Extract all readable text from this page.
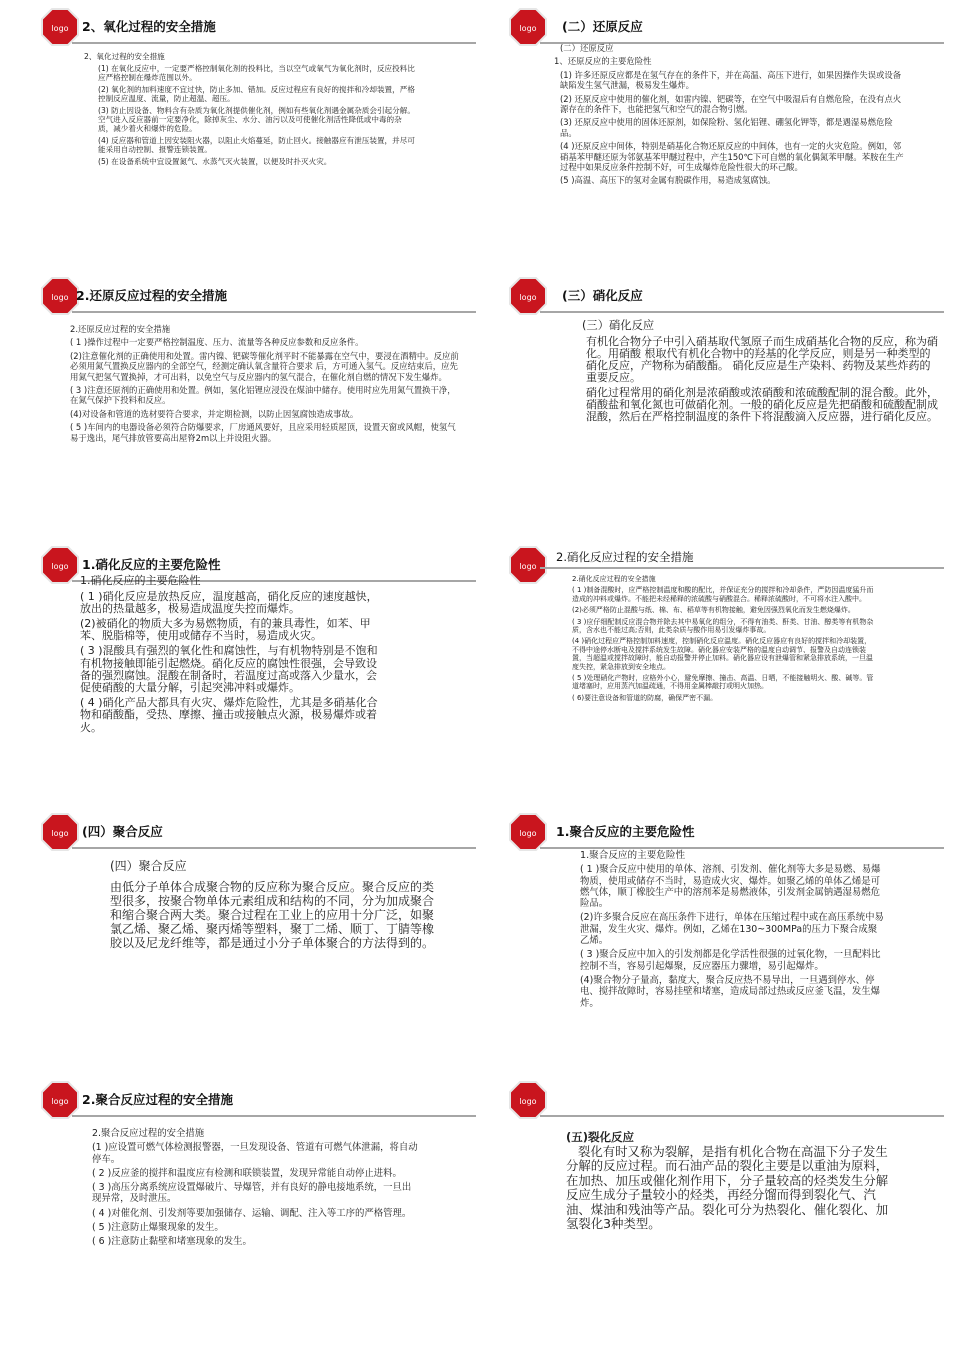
logo 2、氧化过程的安全措施

2、氧化过程的安全措施

(1) 在氧化反应中，一定要严格控制氧化剂的投料比，当以空气或氧气为氧化剂时，反应投料比应严格控制在爆炸范围以外。

(2) 氧化剂的加料速度不宜过快，防止多加、错加。反应过程应有良好的搅拌和冷却装置，严格控制反应温度、流量，防止超温、超压。

(3) 防止因设备、物料含有杂质为氧化剂提供催化剂，例如有些氧化剂遇金属杂质会引起分解。空气进入反应器前一定要净化，除掉灰尘、水分、油污以及可使催化剂活性降低或中毒的杂质，减少着火和爆炸的危险。

(4) 反应器和管道上因安装阻火器，以阻止火焰蔓延，防止回火。接触器应有泄压装置，并尽可能采用自动控制、报警连锁装置。

(5) 在设备系统中宜设置氮气、水蒸气灭火装置，以便及时扑灭火灾。

logo (二）还原反应

(二）还原反应

1、还原反应的主要危险性

(1) 许多还原反应都是在氢气存在的条件下，并在高温、高压下进行，如果因操作失误或设备缺陷发生氢气泄漏，极易发生爆炸。

(2) 还原反应中使用的催化剂，如雷内镍、钯碳等，在空气中吸湿后有自燃危险，在没有点火源存在的条件下，也能把氢气和空气的混合物引燃。

(3) 还原反应中使用的固体还原剂，如保险粉、氢化铝锂、硼氢化钾等，都是遇湿易燃危险品。

(4 )还原反应中间体，特别是硝基化合物还原反应的中间体，也有一定的火灾危险。例如，邻硝基苯甲醚还原为邻氨基苯甲醚过程中，产生150℃下可自燃的氧化偶氮苯甲醚。苯胺在生产过程中如果反应条件控制不好，可生成爆炸危险性很大的环己酸。

(5 )高温、高压下的氢对金属有脱碳作用，易造成氢腐蚀。

logo 2.还原反应过程的安全措施

2.还原反应过程的安全措施

( 1 )操作过程中一定要严格控制温度、压力、流量等各种反应参数和反应条件。

(2)注意催化剂的正确使用和处置。雷内镍、钯碳等催化剂平时不能暴露在空气中，要浸在酒精中。反应前必须用氮气置换反应器内的全部空气，经测定确认氧含量符合要求 后，方可通入氢气。反应结束后，应先用氮气把氢气置换掉，才可出料，以免空气与反应器内的氢气混合，在催化剂自燃的情况下发生爆炸。

( 3 )注意还原剂的正确使用和处置。例如，氢化铝锂应浸没在煤油中储存。使用时应先用氮气置换干净，在氮气保护下投料和反应。

(4)对设备和管道的选材要符合要求，并定期检测，以防止因氢腐蚀造成事故。

( 5 )车间内的电器设备必须符合防爆要求，厂房通风要好，且应采用轻质屋顶，设置天窗或风帽，使氢气易于逸出，尾气排放管要高出屋脊2m以上并设阻火器。

logo (三）硝化反应

(三）硝化反应

有机化合物分子中引入硝基取代氢原子而生成硝基化合物的反应，称为硝化。用硝酸 根取代有机化合物中的羟基的化学反应，则是另一种类型的硝化反应，产物称为硝酸酯。 硝化反应是生产染料、药物及某些炸药的重要反应。

硝化过程常用的硝化剂是浓硝酸或浓硝酸和浓硫酸配制的混合酸。此外，硝酸盐和氧化氮也可做硝化剂。一般的硝化反应是先把硝酸和硫酸配制成混酸，然后在严格控制温度的条件下将混酸滴入反应器，进行硝化反应。

logo 1.硝化反应的主要危险性

1.硝化反应的主要危险性

( 1 )硝化反应是放热反应，温度越高，硝化反应的速度越快，放出的热量越多，极易造成温度失控而爆炸。

(2)被硝化的物质大多为易燃物质，有的兼具毒性，如苯、甲苯、脱脂棉等，使用或储存不当时，易造成火灾。

( 3 )混酸具有强烈的氧化性和腐蚀性，与有机物特别是不饱和有机物接触即能引起燃烧。硝化反应的腐蚀性很强，会导致设备的强烈腐蚀。混酸在制备时，若温度过高或落入少量水，会促使硝酸的大量分解，引起突沸冲料或爆炸。

( 4 )硝化产品大都具有火灾、爆炸危险性，尤其是多硝基化合物和硝酸酯，受热、摩擦、撞击或接触点火源，极易爆炸或着火。

logo
2.硝化反应过程的安全措施

2.硝化反应过程的安全措施

( 1 )制备混酸时，应严格控制温度和酸的配比，并保证充分的搅拌和冷却条件，严防因温度猛升而造成的冲料或爆炸。不能把未经稀释的浓硫酸与硝酸混合。稀释浓硫酸时，不可将水注入酸中。

(2)必须严格防止混酸与纸、棉、布、稻草等有机物接触，避免因强烈氧化而发生燃烧爆炸。

( 3 )应仔细配制反应混合物并除去其中易氧化的组分，不得有油类、酐类、甘油、醇类等有机物杂质，含水也不能过高;否则，此类杂质与酸作用易引发爆炸事故。

(4 )硝化过程应严格控制加料速度，控制硝化反应温度。硝化反应器应有良好的搅拌和冷却装置，不得中途停水断电及搅拌系统发生故障。硝化器应安装严格的温度自动调节、报警及自动连锁装置，当超温或搅拌故障时，能自动报警并停止加料。硝化器应设有泄爆管和紧急排放系统，一旦温度失控，紧急排放到安全地点。

( 5 )处理硝化产物时，应格外小心，避免摩擦、撞击、高温、日晒，不能接触明火、酸、碱等。管道堵塞时，应用蒸汽加温疏通，不得用金属棒敲打或明火加热。

( 6)要注意设备和管道的防腐，确保严密不漏。

logo (四）聚合反应

(四）聚合反应

由低分子单体合成聚合物的反应称为聚合反应。聚合反应的类型很多，按聚合物单体元素组成和结构的不同，分为加成聚合和缩合聚合两大类。聚合过程在工业上的应用十分广泛，如聚氯乙烯、聚乙烯、聚丙烯等塑料，聚丁二烯、顺丁、丁腈等橡胶以及尼龙纤维等，都是通过小分子单体聚合的方法得到的。

logo 1.聚合反应的主要危险性

1.聚合反应的主要危险性

( 1 )聚合反应中使用的单体、溶剂、引发剂、催化剂等大多是易燃、易爆物质，使用或储存不当时，易造成火灾、爆炸。如聚乙烯的单体乙烯是可燃气体，顺丁橡胶生产中的溶剂苯是易燃液体，引发剂金属钠遇湿易燃危险品。

(2)许多聚合反应在高压条件下进行，单体在压缩过程中或在高压系统中易泄漏，发生火灾、爆炸。例如，乙烯在130~300MPa的压力下聚合成聚乙烯。

( 3 )聚合反应中加入的引发剂都是化学活性很强的过氧化物，一旦配料比控制不当，容易引起爆聚，反应器压力骤增，易引起爆炸。

(4)聚合物分子量高，黏度大，聚合反应热不易导出，一旦遇到停水、停电、搅拌故障时，容易挂壁和堵塞，造成局部过热或反应釜飞温，发生爆炸。

logo 2.聚合反应过程的安全措施

2.聚合反应过程的安全措施

(1 )应设置可燃气体检测报警器，一旦发现设备、管道有可燃气体泄漏，将自动停车。

( 2 )反应釜的搅拌和温度应有检测和联锁装置，发现异常能自动停止进料。

( 3 )高压分离系统应设置爆破片、导爆管，并有良好的静电接地系统，一旦出现异常，及时泄压。

( 4 )对催化剂、引发剂等要加强储存、运输、调配、注入等工序的严格管理。

( 5 )注意防止爆聚现象的发生。

( 6 )注意防止黏壁和堵塞现象的发生。

logo

(五)裂化反应

裂化有时又称为裂解，是指有机化合物在高温下分子发生分解的反应过程。而石油产品的裂化主要是以重油为原料，在加热、加压或催化剂作用下，分子量较高的烃类发生分解反应生成分子量较小的烃类，再经分馏而得到裂化气、汽油、煤油和残油等产品。裂化可分为热裂化、催化裂化、加氢裂化3种类型。
